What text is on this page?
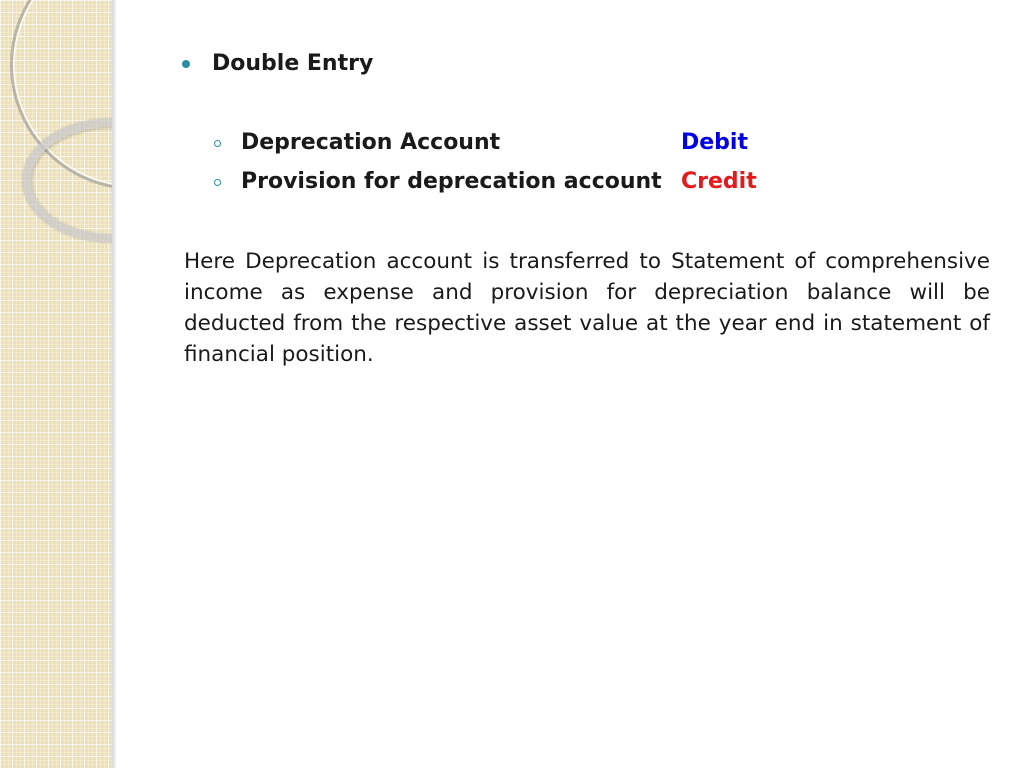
Double Entry
Deprecation Account	Debit
Provision for deprecation account Credit

Here Deprecation account is transferred to Statement of comprehensive income as expense and provision for depreciation balance will be deducted from the respective asset value at the year end in statement of financial position.
